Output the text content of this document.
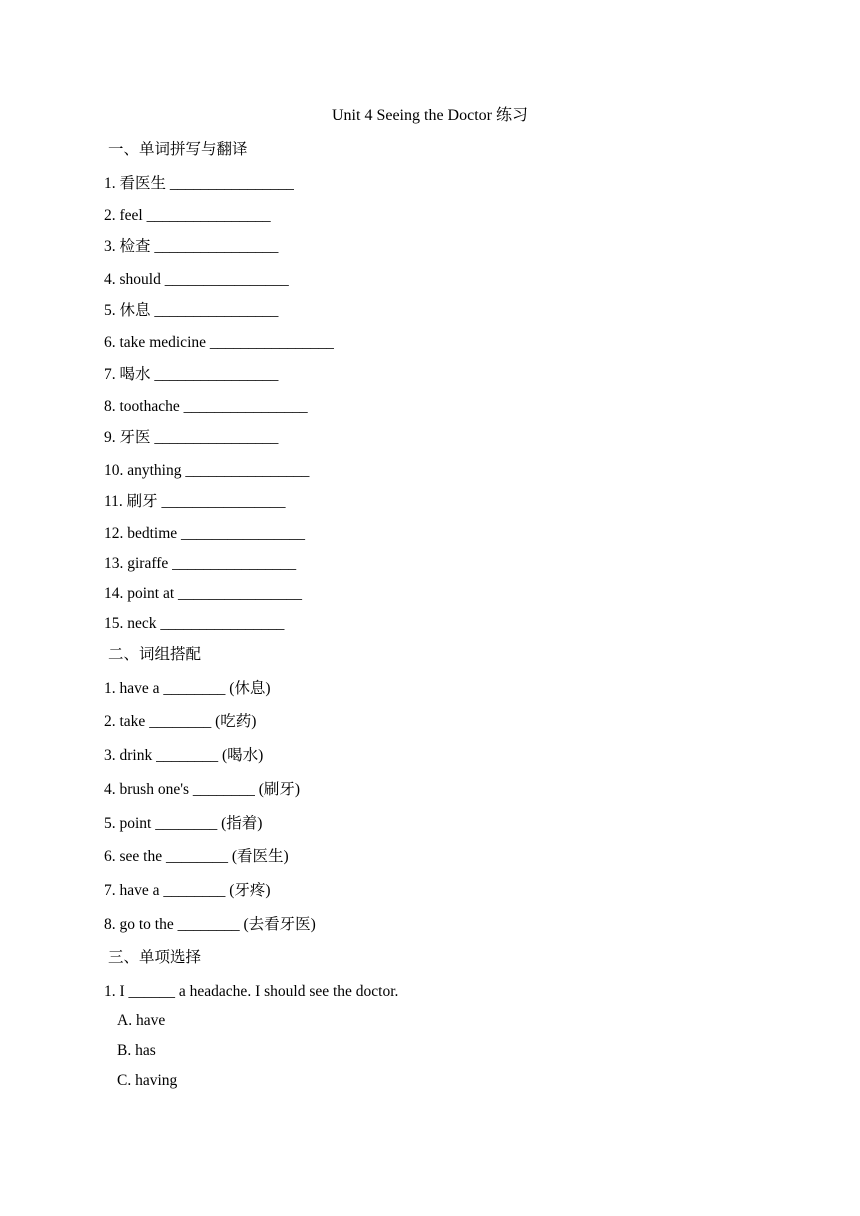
Unit 4 Seeing the Doctor 练习
一、单词拼写与翻译
1. 看医生 ________________
2. feel ________________
3. 检查 ________________
4. should ________________
5. 休息 ________________
6. take medicine ________________
7. 喝水 ________________
8. toothache ________________
9. 牙医 ________________
10. anything ________________
11. 刷牙 ________________
12. bedtime ________________
13. giraffe ________________
14. point at ________________
15. neck ________________
二、词组搭配
1. have a ________ (休息)
2. take ________ (吃药)
3. drink ________ (喝水)
4. brush one's ________ (刷牙)
5. point ________ (指着)
6. see the ________ (看医生)
7. have a ________ (牙疼)
8. go to the ________ (去看牙医)
三、单项选择
1. I ______ a headache. I should see the doctor.
A. have
B. has
C. having
